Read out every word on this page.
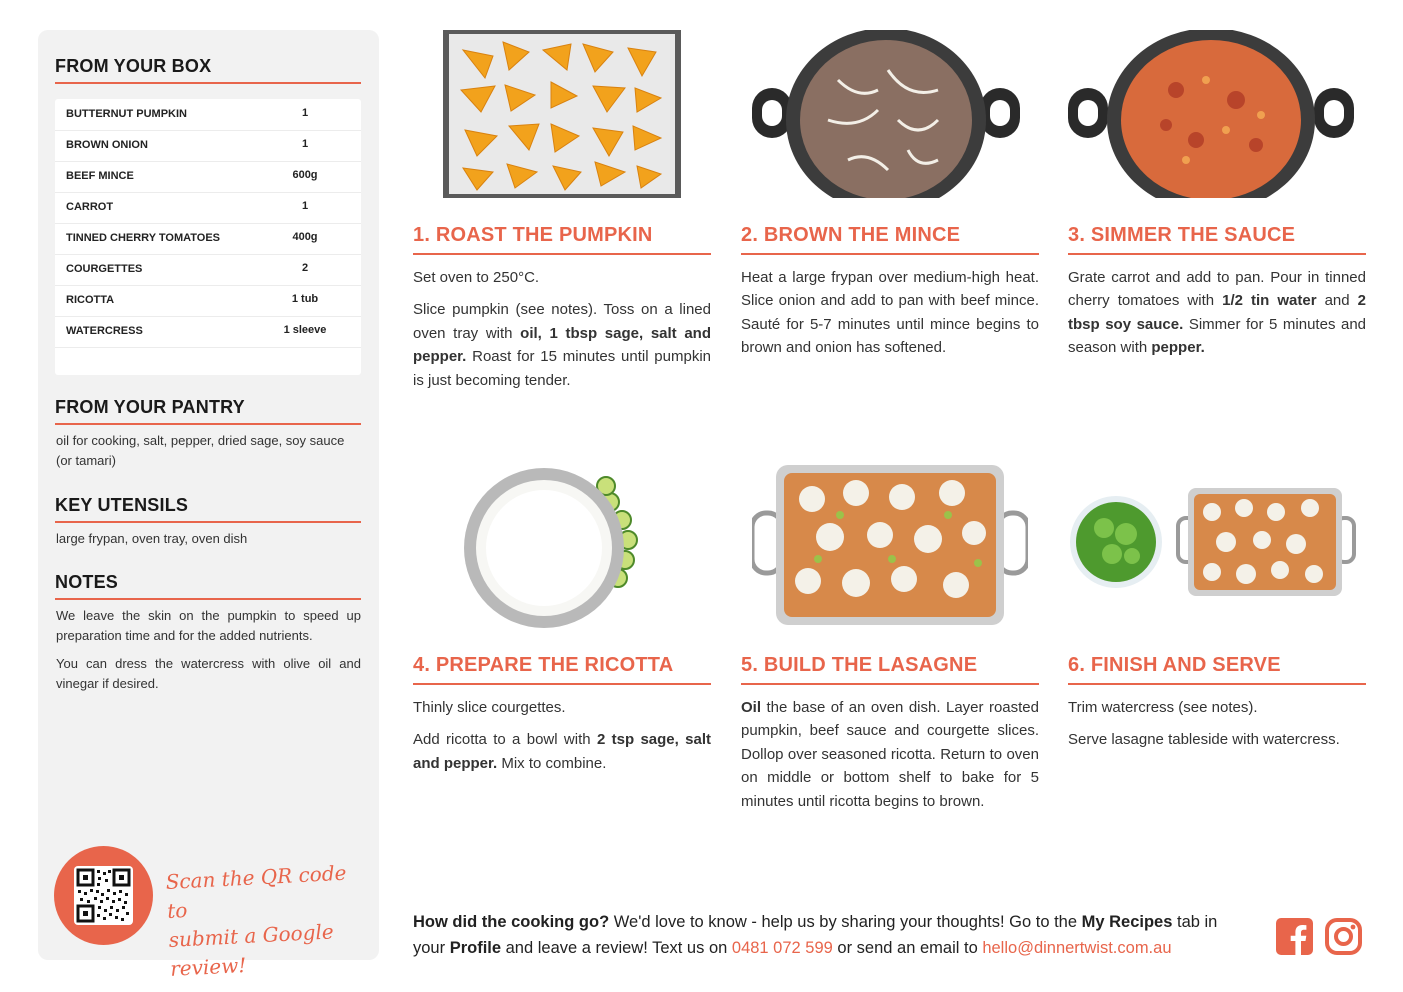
FROM YOUR BOX
BUTTERNUT PUMPKIN	1
BROWN ONION	1
BEEF MINCE	600g
CARROT	1
TINNED CHERRY TOMATOES	400g
COURGETTES	2
RICOTTA	1 tub
WATERCRESS	1 sleeve
FROM YOUR PANTRY
oil for cooking, salt, pepper, dried sage, soy sauce (or tamari)
KEY UTENSILS
large frypan, oven tray, oven dish
NOTES
We leave the skin on the pumpkin to speed up preparation time and for the added nutrients.
You can dress the watercress with olive oil and vinegar if desired.
Scan the QR code to
submit a Google review!
1. ROAST THE PUMPKIN

Set oven to 250°C.

Slice pumpkin (see notes). Toss on a lined oven tray with oil, 1 tbsp sage, salt and pepper. Roast for 15 minutes until pumpkin is just becoming tender.

2. BROWN THE MINCE

Heat a large frypan over medium-high heat. Slice onion and add to pan with beef mince. Sauté for 5-7 minutes until mince begins to brown and onion has softened.

3. SIMMER THE SAUCE

Grate carrot and add to pan. Pour in tinned cherry tomatoes with 1/2 tin water and 2 tbsp soy sauce. Simmer for 5 minutes and season with pepper.

4. PREPARE THE RICOTTA

Thinly slice courgettes.

Add ricotta to a bowl with 2 tsp sage, salt and pepper. Mix to combine.

5. BUILD THE LASAGNE

Oil the base of an oven dish. Layer roasted pumpkin, beef sauce and courgette slices. Dollop over seasoned ricotta. Return to oven on middle or bottom shelf to bake for 5 minutes until ricotta begins to brown.

6. FINISH AND SERVE

Trim watercress (see notes).

Serve lasagne tableside with watercress.

How did the cooking go? We'd love to know - help us by sharing your thoughts! Go to the My Recipes tab in your Profile and leave a review! Text us on 0481 072 599 or send an email to hello@dinnertwist.com.au
